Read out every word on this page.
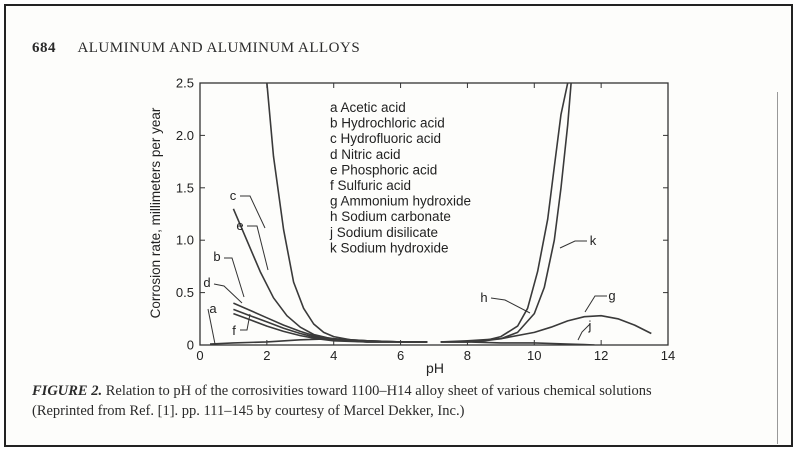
684 ALUMINUM AND ALUMINUM ALLOYS
0	2	4	6	8	10	12	14
0
0.5
1.0
1.5
2.0
2.5
a Acetic acid
b Hydrochloric acid
c Hydrofluoric acid
d Nitric acid
e Phosphoric acid
f Sulfuric acid
g Ammonium hydroxide
h Sodium carbonate
j Sodium disilicate
k Sodium hydroxide
c
e
b
d
f
a
k
h	g
j
Corrosion rate, millimeters per year
pH
FIGURE 2. Relation to pH of the corrosivities toward 1100–H14 alloy sheet of various chemical solutions
(Reprinted from Ref. [1]. pp. 111–145 by courtesy of Marcel Dekker, Inc.)
